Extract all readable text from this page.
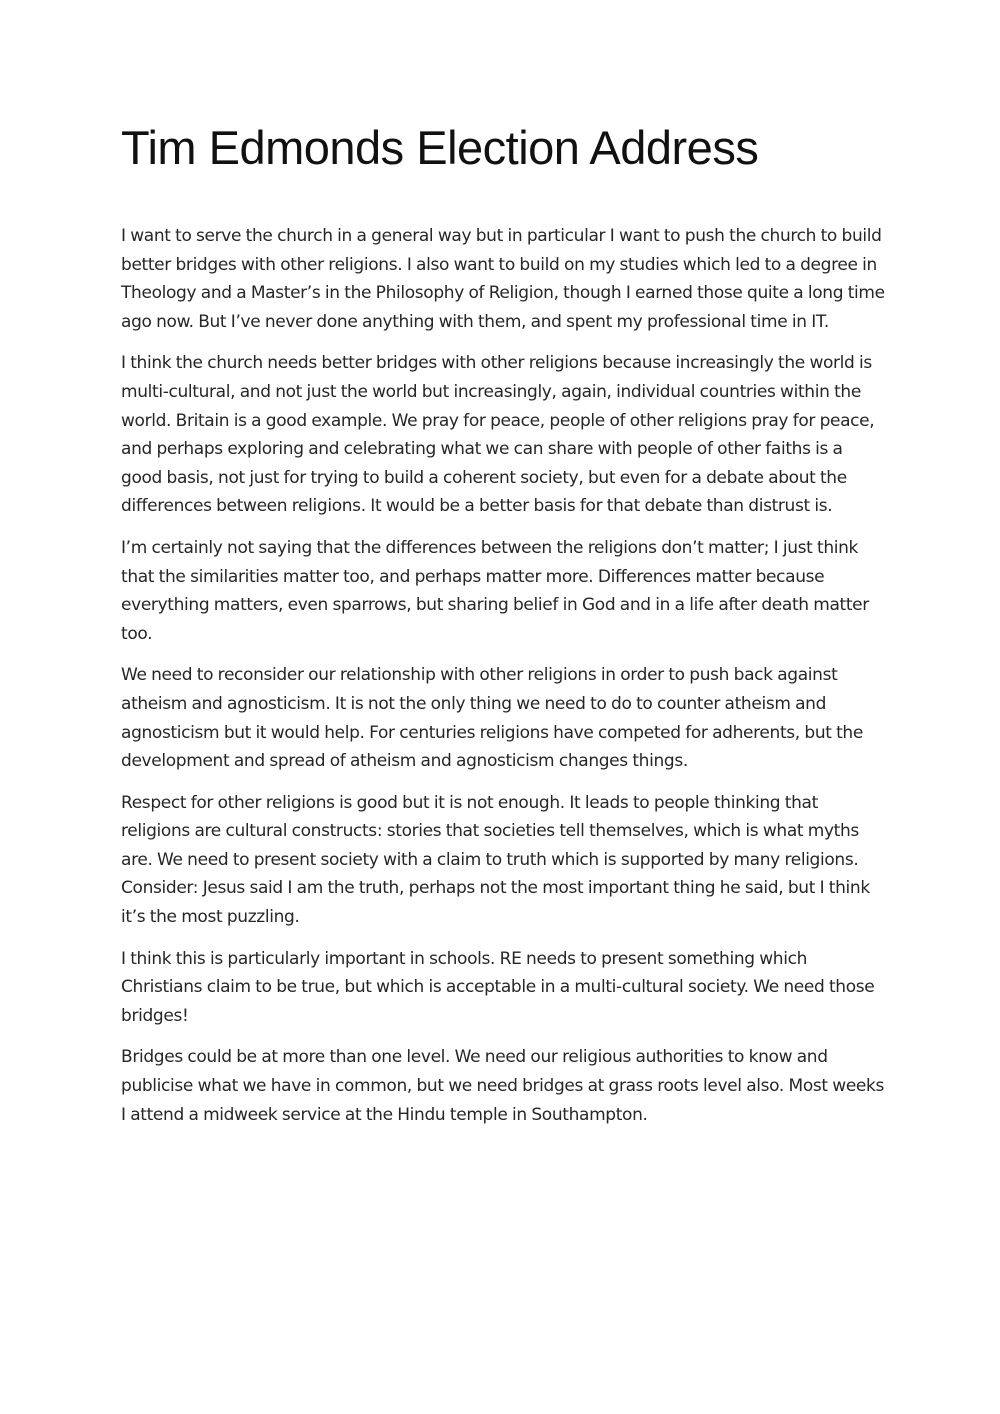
Tim Edmonds Election Address

I want to serve the church in a general way but in particular I want to push the church to build better bridges with other religions. I also want to build on my studies which led to a degree in Theology and a Master’s in the Philosophy of Religion, though I earned those quite a long time ago now. But I’ve never done anything with them, and spent my professional time in IT.

I think the church needs better bridges with other religions because increasingly the world is multi-cultural, and not just the world but increasingly, again, individual countries within the world. Britain is a good example. We pray for peace, people of other religions pray for peace, and perhaps exploring and celebrating what we can share with people of other faiths is a good basis, not just for trying to build a coherent society, but even for a debate about the differences between religions. It would be a better basis for that debate than distrust is.

I’m certainly not saying that the differences between the religions don’t matter; I just think that the similarities matter too, and perhaps matter more. Differences matter because everything matters, even sparrows, but sharing belief in God and in a life after death matter too.

We need to reconsider our relationship with other religions in order to push back against atheism and agnosticism. It is not the only thing we need to do to counter atheism and agnosticism but it would help. For centuries religions have competed for adherents, but the development and spread of atheism and agnosticism changes things.

Respect for other religions is good but it is not enough. It leads to people thinking that religions are cultural constructs: stories that societies tell themselves, which is what myths are. We need to present society with a claim to truth which is supported by many religions. Consider: Jesus said I am the truth, perhaps not the most important thing he said, but I think it’s the most puzzling.

I think this is particularly important in schools. RE needs to present something which Christians claim to be true, but which is acceptable in a multi-cultural society. We need those bridges!

Bridges could be at more than one level. We need our religious authorities to know and publicise what we have in common, but we need bridges at grass roots level also. Most weeks I attend a midweek service at the Hindu temple in Southampton.
